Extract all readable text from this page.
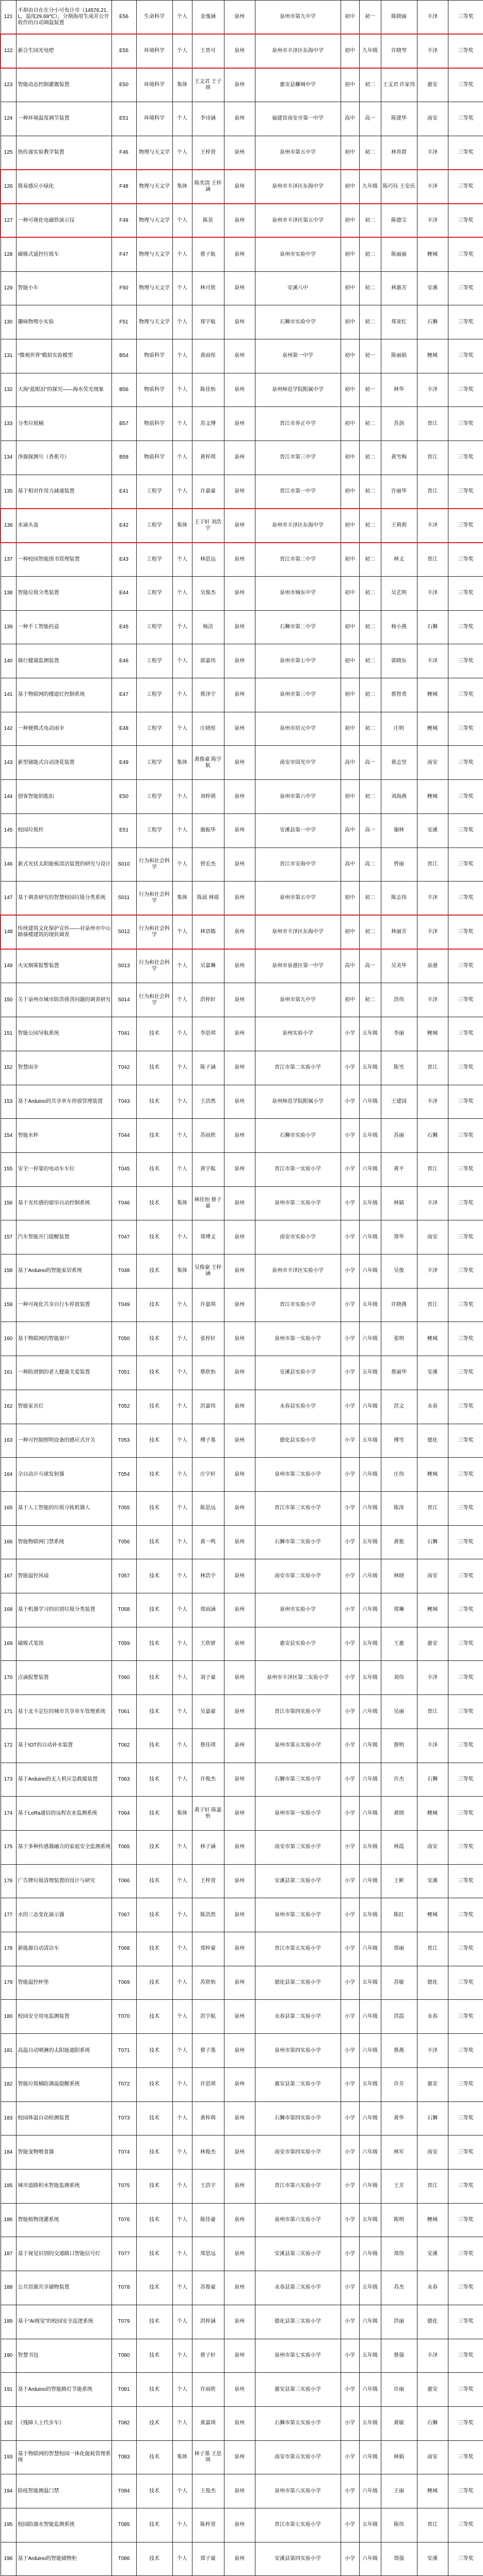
121	不却由自在在分小可布计市（14576.21.L，温度29.69℃），分割海用生成并公开收作的自动调温装置	E56	生命科学	个人	金逸涵	泉州	泉州市第九中学	初中	初一	陈晓丽	丰泽	三等奖
122	新合生园光电吧	E55	环境科学	个人	王晋可	泉州	泉州市丰泽区东海中学	初中	九年级	许晓琴	丰泽	三等奖
123	智能动态控制灌溉装置	E50	环境科学	集体	王文君 王子琪	泉州	惠安县螺城中学	初中	初二	王文君 许家伟	惠安	三等奖
124	一种环境温度调节装置	E51	环境科学	个人	李诗涵	泉州	福建省南安市第一中学	高中	高一	陈建华	南安	三等奖
125	热传递实验教学装置	F46	物理与天文学	个人	王梓萱	泉州	泉州市第五中学	初中	初二	林育群	丰泽	三等奖
126	简易感应小绿化	F48	物理与天文学	集体	陈奕清 王梓涵	泉州	泉州市丰泽区东海中学	初中	九年级	陈巧钰 王安庆	丰泽	三等奖
127	一种可视化电磁铁演示仪	F49	物理与天文学	个人	陈景	泉州	泉州市丰泽区第五中学	初中	初二	陈德宝	丰泽	三等奖
128	磁吸式遥控垃圾车	F47	物理与天文学	个人	蔡子航	泉州	泉州市实验中学	初中	初二	陈丽丽	鲤城	三等奖
129	智能小车	F50	物理与天文学	个人	林可欣	泉州	安溪八中	初中	初二	林惠芳	安溪	三等奖
130	趣味物理小实验	F51	物理与天文学	个人	郑宇航	泉州	石狮市实验中学	初中	初二	郑亚红	石狮	三等奖
131	“微观世界”模拟实验模型	B54	物质科学	个人	黄雨彤	泉州	泉州第一中学	初中	初一	陈丽娟	鲤城	三等奖
132	大海“蓝眼泪”的探究——海水荧光现象	B56	物质科学	个人	陈佳怡	泉州	泉州师范学院附属中学	初中	初一	林华	丰泽	三等奖
133	分类垃圾桶	B57	物质科学	个人	苏文博	泉州	晋江市养正中学	初中	初二	苏剑	晋江	三等奖
134	净源探测号（香蕉号）	B58	物质科学	个人	黄梓琪	泉州	晋江市第三中学	初中	初二	黄雪梅	晋江	三等奖
135	基于相对作用力减速装置	E41	工程学	个人	许嘉豪	泉州	晋江市第一中学	初中	初二	许丽华	晋江	三等奖
136	水滴头盔	E42	工程学	集体	王子轩 刘浩宇	泉州	泉州市丰泽区东海中学	初中	初二	王莉莉	丰泽	三等奖
137	一种校园智能图书管理装置	E43	工程学	个人	林思远	泉州	晋江市第二中学	初中	初二	林文	晋江	三等奖
138	智能垃圾分类装置	E44	工程学	个人	吴俊杰	泉州	泉州市城东中学	初中	初二	吴艺明	丰泽	三等奖
139	一种手工智能药盒	E45	工程学	个人	杨洁	泉州	石狮市第二中学	初中	初二	杨小燕	石狮	三等奖
140	骑行健康监测装置	E46	工程学	个人	郭嘉伟	泉州	泉州市第七中学	初中	初二	郭晓东	丰泽	三等奖
141	基于物联网的楼道灯控制系统	E47	工程学	个人	蔡泽宇	泉州	泉州市第三中学	初中	初二	蔡智勇	鲤城	三等奖
142	一种便携式电动雨伞	E48	工程学	个人	庄晓彤	泉州	泉州市培元中学	初中	初二	庄明	鲤城	三等奖
143	新型储能式自动浇花装置	E49	工程学	集体	黄俊豪 陈宇航	泉州	南安市国光中学	高中	高一	黄志坚	南安	三等奖
144	创客智能钥匙扣	E50	工程学	个人	刘梓萌	泉州	泉州市第六中学	初中	初二	刘海燕	鲤城	三等奖
145	校园垃圾杆	E51	工程学	个人	谢振华	泉州	安溪县第一中学	高中	高一	谢林	安溪	三等奖
146	新式光伏太阳能板清洁装置的研究与设计	S010	行为和社会科学	个人	曾宏杰	泉州	晋江市安海中学	高中	高二	曾丽	晋江	三等奖
147	基于调查研究的智慧校园垃圾分类系统	S011	行为和社会科学	集体	陈晨 林瑶	泉州	泉州市第五中学	初中	初二	陈志伟	丰泽	三等奖
148	传统建筑文化保护宣传——对泉州市中山路骑楼建筑的现状调查	S012	行为和社会科学	个人	林语嫣	泉州	泉州市丰泽区东海中学	初中	初二	林丽芳	丰泽	三等奖
149	火灾烟雾报警装置	S013	行为和社会科学	个人	吴嘉琳	泉州	泉州市泉港区第一中学	高中	高一	吴美华	泉港	三等奖
150	关于泉州市城市防洪排涝问题的调查研究	S014	行为和社会科学	个人	洪梓轩	泉州	泉州市第九中学	初中	初二	洪伟	丰泽	三等奖
151	智能公园导航系统	T041	技术	个人	李思琪	泉州	泉州实验小学	小学	五年级	李丽	鲤城	三等奖
152	智慧雨伞	T042	技术	个人	陈子涵	泉州	晋江市第二实验小学	小学	五年级	陈雪	晋江	三等奖
153	基于Arduino的共享单车停放管理装置	T043	技术	个人	王浩然	泉州	泉州师范学院附属小学	小学	六年级	王建国	丰泽	三等奖
154	智能水杯	T044	技术	个人	苏雨欣	泉州	石狮市实验小学	小学	五年级	苏丽	石狮	三等奖
155	安全一停靠的电动车车位	T045	技术	个人	黄宇航	泉州	晋江市第一实验小学	小学	六年级	黄平	晋江	三等奖
156	基于光传感的窗帘自动控制系统	T046	技术	集体	林佳怡 蔡子豪	泉州	泉州市第二实验小学	小学	五年级	林婧	丰泽	三等奖
157	汽车智能开门提醒装置	T047	技术	个人	郑博文	泉州	南安市实验小学	小学	六年级	郑华	南安	三等奖
158	基于Arduino的智能家居系统	T048	技术	集体	吴俊豪 王梓涵	泉州	泉州市丰泽区实验小学	小学	六年级	吴俊	丰泽	三等奖
159	一种可视化共享自行车停放装置	T049	技术	个人	许嘉琪	泉州	晋江市实验小学	小学	五年级	许晓燕	晋江	三等奖
160	基于物联网的智能窗户	T050	技术	个人	张梓轩	泉州	泉州市第一实验小学	小学	六年级	张明	鲤城	三等奖
161	一种防滑倒的老人健康关爱装置	T051	技术	个人	蔡欣怡	泉州	安溪县实验小学	小学	五年级	蔡丽华	安溪	三等奖
162	智能家具灯	T052	技术	个人	洪嘉伟	泉州	永春县实验小学	小学	六年级	洪文	永春	三等奖
163	一种可控制照明设备的感应式开关	T053	技术	个人	傅子墨	泉州	德化县实验小学	小学	五年级	傅雪	德化	三等奖
164	全自动乒乓球发射器	T054	技术	个人	庄宇轩	泉州	泉州市第三实验小学	小学	六年级	庄伟	鲤城	三等奖
165	基于人工智能的垃圾分拣机器人	T055	技术	个人	陈思远	泉州	晋江市第三实验小学	小学	六年级	陈涛	晋江	三等奖
166	智能物联网门禁系统	T056	技术	个人	黄一鸣	泉州	石狮市第二实验小学	小学	五年级	黄艳	石狮	三等奖
167	智能温控风扇	T057	技术	个人	林浩宇	泉州	南安市第二实验小学	小学	六年级	林晓	南安	三等奖
168	基于机器学习的识别垃圾分类装置	T058	技术	个人	郑雨涵	泉州	泉州市实验小学	小学	六年级	郑琳	鲤城	三等奖
169	磁吸式笔筒	T059	技术	个人	王欣妍	泉州	惠安县实验小学	小学	五年级	王惠	惠安	三等奖
170	点滴报警装置	T060	技术	个人	刘子豪	泉州	泉州市丰泽区第二实验小学	小学	五年级	刘伟	丰泽	三等奖
171	基于北斗定位的城市共享单车管理系统	T061	技术	个人	吴嘉豪	泉州	晋江市第四实验小学	小学	六年级	吴丽	晋江	三等奖
172	基于IOT的自动补水装置	T062	技术	个人	蔡佳琪	泉州	泉州市第五实验小学	小学	六年级	蔡明	丰泽	三等奖
173	基于Arduino的无人机应急救援装置	T063	技术	个人	许俊杰	泉州	石狮市第三实验小学	小学	六年级	许杰	石狮	三等奖
174	基于LoRa通信的远程农业监测系统	T064	技术	集体	黄子轩 陈嘉怡	泉州	泉州市第一实验小学	小学	六年级	黄晓	鲤城	三等奖
175	基于多种传感器融合的家庭安全监测系统	T065	技术	个人	林子涵	泉州	南安市第三实验小学	小学	五年级	林霞	南安	三等奖
176	广告牌垃圾清理装置的设计与研究	T066	技术	个人	王梓萱	泉州	安溪县第二实验小学	小学	六年级	王彬	安溪	三等奖
177	水的三态变化演示器	T067	技术	个人	陈浩然	泉州	泉州市第二实验小学	小学	五年级	陈红	鲤城	三等奖
178	新能源自动清洁车	T068	技术	个人	郑梓豪	泉州	晋江市第五实验小学	小学	六年级	郑丽	晋江	三等奖
179	智能温控杯垫	T069	技术	个人	苏欣怡	泉州	德化县第二实验小学	小学	五年级	苏敏	德化	三等奖
180	校园安全用电监测装置	T070	技术	个人	洪宇航	泉州	永春县第二实验小学	小学	六年级	洪霞	永春	三等奖
181	高温自动喷淋的太阳能遮阳系统	T071	技术	个人	蔡子墨	泉州	泉州市第四实验小学	小学	六年级	蔡燕	丰泽	三等奖
182	智能垃圾桶防满溢提醒系统	T072	技术	个人	许思琪	泉州	惠安县第二实验小学	小学	五年级	许芳	惠安	三等奖
183	校园体温自动检测装置	T073	技术	个人	黄梓萌	泉州	石狮市第四实验小学	小学	六年级	黄华	石狮	三等奖
184	智能宠物喂食器	T074	技术	个人	林俊杰	泉州	南安市第四实验小学	小学	六年级	林军	南安	三等奖
185	城市道路积水智能监测系统	T075	技术	个人	王浩宇	泉州	晋江市第六实验小学	小学	六年级	王芳	晋江	三等奖
186	智能植物浇灌系统	T076	技术	个人	陈佳豪	泉州	泉州市第六实验小学	小学	五年级	陈明	鲤城	三等奖
187	基于视觉识别的交通路口智能信号灯	T077	技术	个人	郑思远	泉州	安溪县第三实验小学	小学	六年级	郑伟	安溪	三等奖
188	公共资源共享储物装置	T078	技术	个人	苏俊豪	泉州	永春县第三实验小学	小学	五年级	苏杰	永春	三等奖
189	基于“AI视觉”的校园安全巡逻系统	T079	技术	个人	洪梓涵	泉州	德化县第三实验小学	小学	六年级	洪丽	德化	三等奖
190	智慧书包	T080	技术	个人	蔡子轩	泉州	泉州市第七实验小学	小学	五年级	蔡强	丰泽	三等奖
191	基于Arduino的智能路灯节能系统	T081	技术	个人	许雨欣	泉州	惠安县第三实验小学	小学	六年级	许丽	惠安	三等奖
192	《残障人士代步车》	T082	技术	个人	黄嘉琪	泉州	石狮市第五实验小学	小学	五年级	黄敏	石狮	三等奖
193	基于物联网的智慧校园一体化能耗管理系统	T083	技术	集体	林子墨 王思琪	泉州	南安市第五实验小学	小学	六年级	林娟	南安	三等奖
194	防疫智能测温门禁	T084	技术	个人	王俊杰	泉州	泉州市第八实验小学	小学	六年级	王丽	鲤城	三等奖
195	校园防溺水智能监测系统	T085	技术	个人	陈梓萱	泉州	晋江市第七实验小学	小学	五年级	陈伟	晋江	三等奖
196	基于Arduino的智能储物柜	T086	技术	个人	郑子豪	泉州	安溪县第四实验小学	小学	六年级	郑强	安溪	三等奖
